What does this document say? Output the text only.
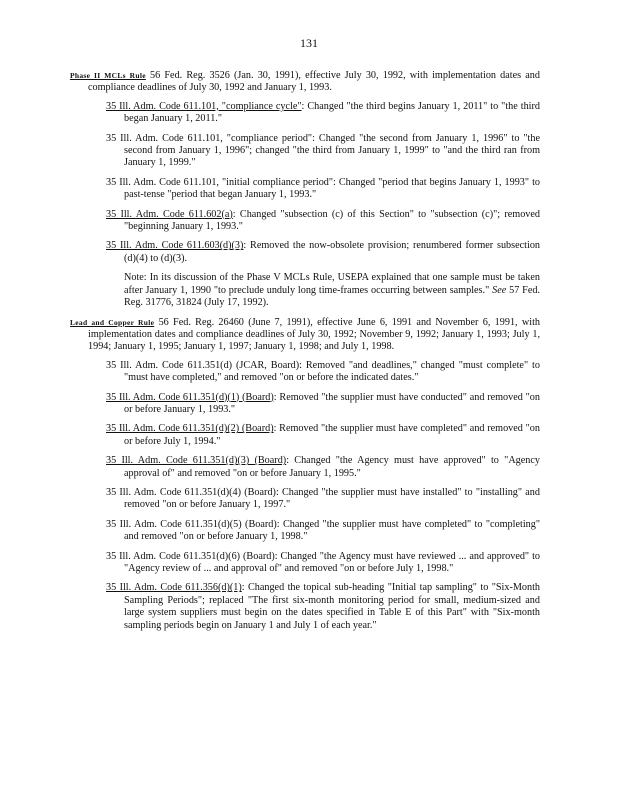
131

Phase II MCLs Rule 56 Fed. Reg. 3526 (Jan. 30, 1991), effective July 30, 1992, with implementation dates and compliance deadlines of July 30, 1992 and January 1, 1993.

35 Ill. Adm. Code 611.101, "compliance cycle": Changed "the third begins January 1, 2011" to "the third began January 1, 2011."

35 Ill. Adm. Code 611.101, "compliance period": Changed "the second from January 1, 1996" to "the second from January 1, 1996"; changed "the third from January 1, 1999" to "and the third ran from January 1, 1999."

35 Ill. Adm. Code 611.101, "initial compliance period": Changed "period that begins January 1, 1993" to past-tense "period that began January 1, 1993."

35 Ill. Adm. Code 611.602(a): Changed "subsection (c) of this Section" to "subsection (c)"; removed "beginning January 1, 1993."

35 Ill. Adm. Code 611.603(d)(3): Removed the now-obsolete provision; renumbered former subsection (d)(4) to (d)(3).

Note: In its discussion of the Phase V MCLs Rule, USEPA explained that one sample must be taken after January 1, 1990 "to preclude unduly long time-frames occurring between samples." See 57 Fed. Reg. 31776, 31824 (July 17, 1992).

Lead and Copper Rule 56 Fed. Reg. 26460 (June 7, 1991), effective June 6, 1991 and November 6, 1991, with implementation dates and compliance deadlines of July 30, 1992; November 9, 1992; January 1, 1993; July 1, 1994; January 1, 1995; January 1, 1997; January 1, 1998; and July 1, 1998.

35 Ill. Adm. Code 611.351(d) (JCAR, Board): Removed "and deadlines," changed "must complete" to "must have completed," and removed "on or before the indicated dates."

35 Ill. Adm. Code 611.351(d)(1) (Board): Removed "the supplier must have conducted" and removed "on or before January 1, 1993."

35 Ill. Adm. Code 611.351(d)(2) (Board): Removed "the supplier must have completed" and removed "on or before July 1, 1994."

35 Ill. Adm. Code 611.351(d)(3) (Board): Changed "the Agency must have approved" to "Agency approval of" and removed "on or before January 1, 1995."

35 Ill. Adm. Code 611.351(d)(4) (Board): Changed "the supplier must have installed" to "installing" and removed "on or before January 1, 1997."

35 Ill. Adm. Code 611.351(d)(5) (Board): Changed "the supplier must have completed" to "completing" and removed "on or before January 1, 1998."

35 Ill. Adm. Code 611.351(d)(6) (Board): Changed "the Agency must have reviewed ... and approved" to "Agency review of ... and approval of" and removed "on or before July 1, 1998."

35 Ill. Adm. Code 611.356(d)(1): Changed the topical sub-heading "Initial tap sampling" to "Six-Month Sampling Periods"; replaced "The first six-month monitoring period for small, medium-sized and large system suppliers must begin on the dates specified in Table E of this Part" with "Six-month sampling periods begin on January 1 and July 1 of each year."
